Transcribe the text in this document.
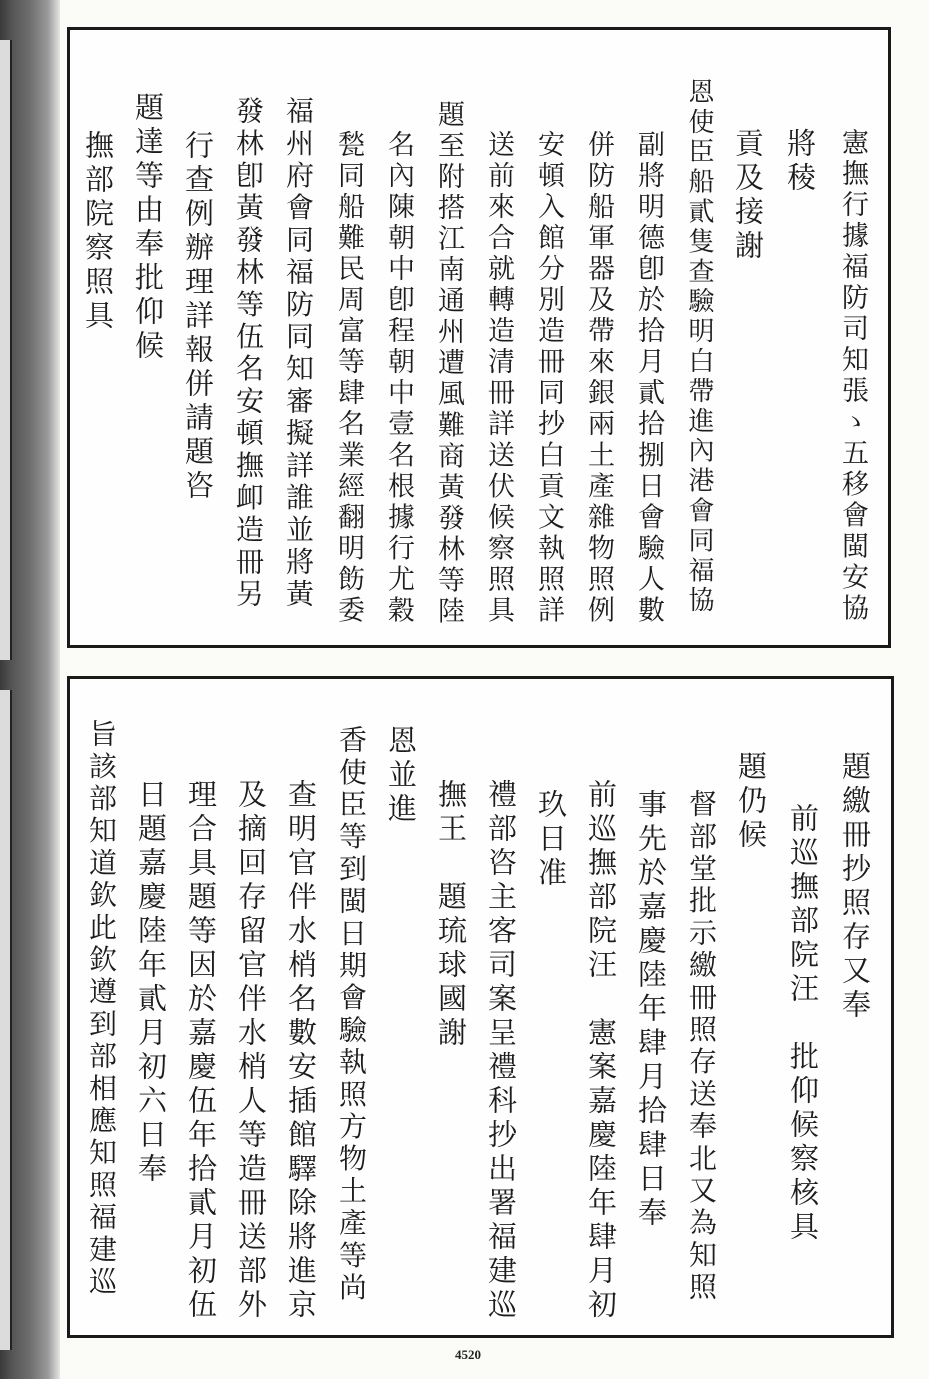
憲撫行據福防司知張ゝ五移會閩安協
將稜
貢及接謝
恩使臣船貳隻查驗明白帶進內港會同福協
副將明德卽於拾月貳拾捌日會驗人數
併防船軍器及帶來銀兩土產雜物照例
安頓入館分別造冊同抄白貢文執照詳
送前來合就轉造清冊詳送伏候察照具
題至附搭江南通州遭風難商黃發林等陸
名內陳朝中卽程朝中壹名根據行尤穀
甃同船難民周富等肆名業經翻明飭委
福州府會同福防同知審擬詳誰並將黃
發林卽黃發林等伍名安頓撫卹造冊另
行查例辦理詳報併請題咨
題達等由奉批仰候
撫部院察照具
題繳冊抄照存又奉
前巡撫部院汪　批仰候察核具
題仍候
督部堂批示繳冊照存送奉北又為知照
事先於嘉慶陸年肆月拾肆日奉
前巡撫部院汪　憲案嘉慶陸年肆月初
玖日准
禮部咨主客司案呈禮科抄出署福建巡
撫王　題琉球國謝
恩並進
香使臣等到閩日期會驗執照方物土產等尚
查明官伴水梢名數安插館驛除將進京
及摘回存留官伴水梢人等造冊送部外
理合具題等因於嘉慶伍年拾貳月初伍
日題嘉慶陸年貳月初六日奉
旨該部知道欽此欽遵到部相應知照福建巡
4520
